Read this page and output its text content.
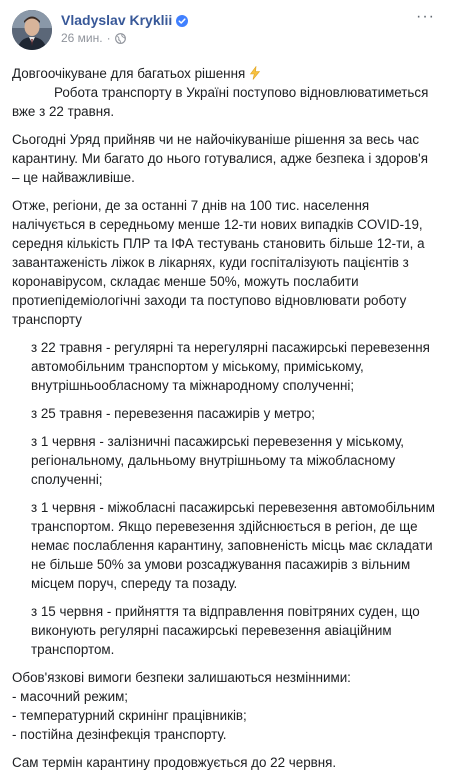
Vladyslav Kryklii
26 мин. ·
···

Довгоочікуване для багатьох рішення
Робота транспорту в Україні поступово відновлюватиметься вже з 22 травня.

Сьогодні Уряд прийняв чи не найочікуваніше рішення за весь час карантину. Ми багато до нього готувалися, адже безпека і здоров'я – це найважливіше.

Отже, регіони, де за останні 7 днів на 100 тис. населення налічується в середньому менше 12-ти нових випадків COVID-19, середня кількість ПЛР та ІФА тестувань становить більше 12-ти, а завантаженість ліжок в лікарнях, куди госпіталізують пацієнтів з коронавірусом, складає менше 50%, можуть послабити протиепідеміологічні заходи та поступово відновлювати роботу транспорту

з 22 травня - регулярні та нерегулярні пасажирські перевезення автомобільним транспортом у міському, приміському, внутрішньообласному та міжнародному сполученні;

з 25 травня - перевезення пасажирів у метро;

з 1 червня - залізничні пасажирські перевезення у міському, регіональному, дальньому внутрішньому та міжобласному сполученні;

з 1 червня - міжобласні пасажирські перевезення автомобільним транспортом. Якщо перевезення здійснюється в регіон, де ще немає послаблення карантину, заповненість місць має складати не більше 50% за умови розсаджування пасажирів з вільним місцем поруч, спереду та позаду.

з 15 червня - прийняття та відправлення повітряних суден, що виконують регулярні пасажирські перевезення авіаційним транспортом.

Обов'язкові вимоги безпеки залишаються незмінними:
- масочний режим;
- температурний скринінг працівників;
- постійна дезінфекція транспорту.

Сам термін карантину продовжується до 22 червня.
